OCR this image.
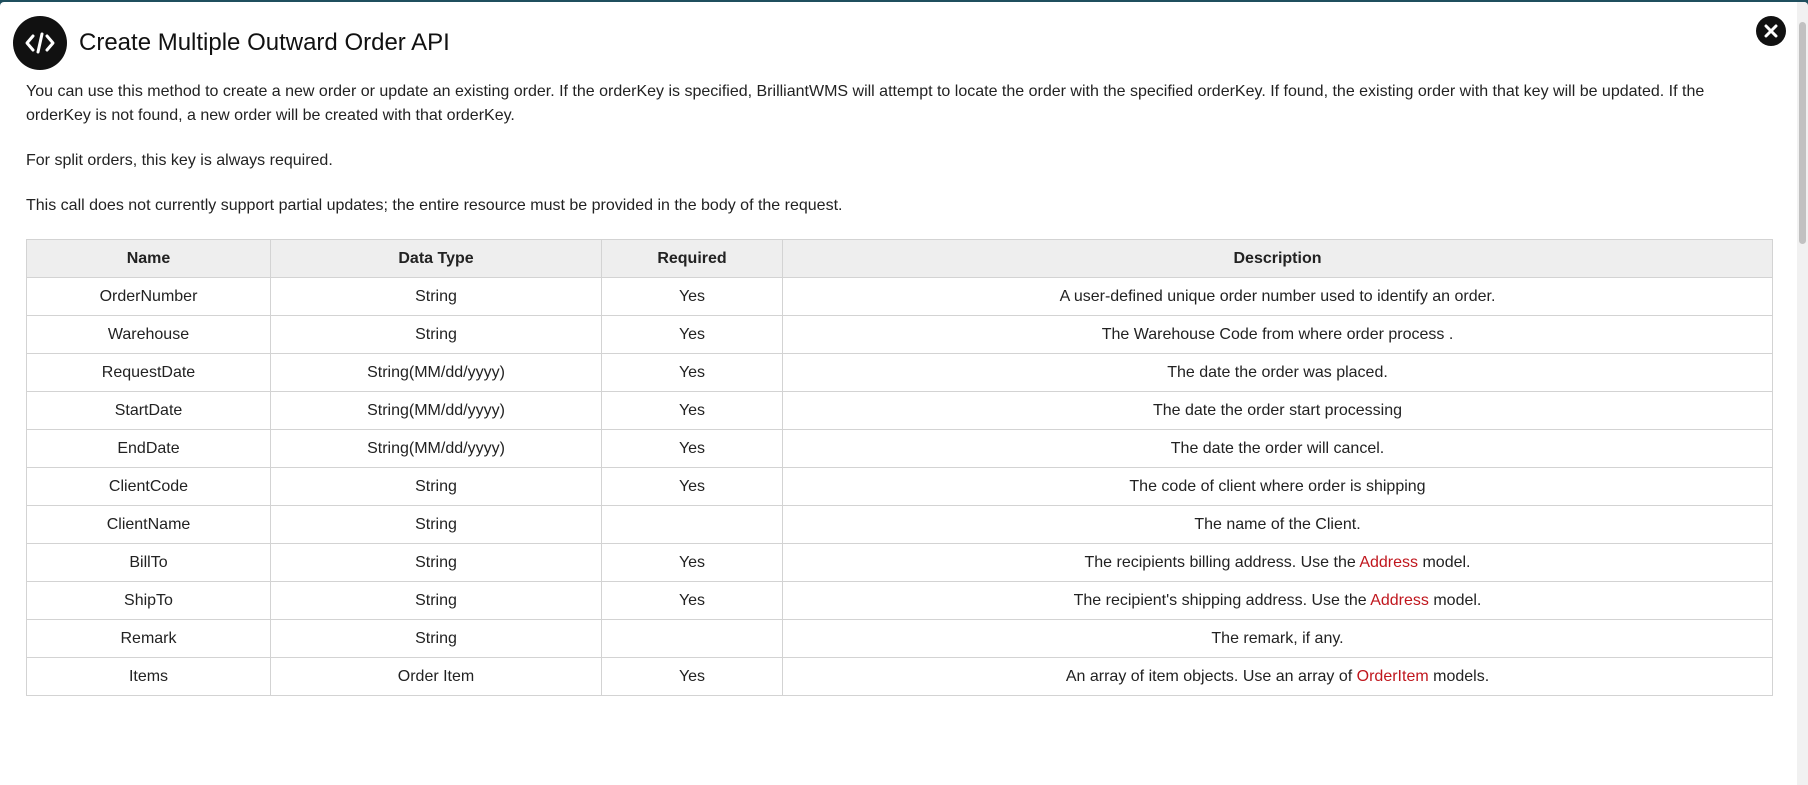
Create Multiple Outward Order API

You can use this method to create a new order or update an existing order. If the orderKey is specified, BrilliantWMS will attempt to locate the order with the specified orderKey. If found, the existing order with that key will be updated. If the orderKey is not found, a new order will be created with that orderKey.

For split orders, this key is always required.

This call does not currently support partial updates; the entire resource must be provided in the body of the request.

Name	Data Type	Required	Description
OrderNumber	String	Yes	A user-defined unique order number used to identify an order.
Warehouse	String	Yes	The Warehouse Code from where order process .
RequestDate	String(MM/dd/yyyy)	Yes	The date the order was placed.
StartDate	String(MM/dd/yyyy)	Yes	The date the order start processing
EndDate	String(MM/dd/yyyy)	Yes	The date the order will cancel.
ClientCode	String	Yes	The code of client where order is shipping
ClientName	String		The name of the Client.
BillTo	String	Yes	The recipients billing address. Use the Address model.
ShipTo	String	Yes	The recipient's shipping address. Use the Address model.
Remark	String		The remark, if any.
Items	Order Item	Yes	An array of item objects. Use an array of OrderItem models.
